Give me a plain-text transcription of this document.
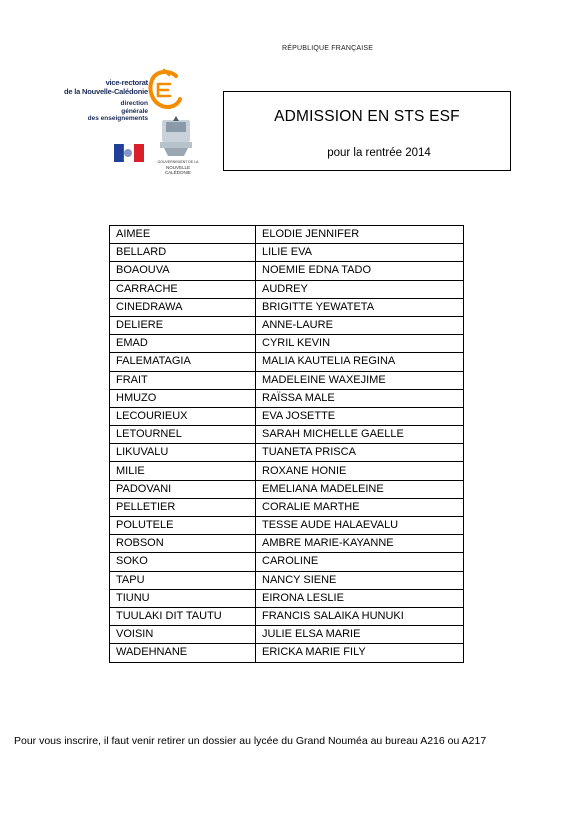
RÉPUBLIQUE FRANÇAISE
vice-rectorat
de la Nouvelle-Calédonie
direction
générale
des enseignements
GOUVERNEMENT DE LA
NOUVELLE
CALÉDONIE
ADMISSION EN STS ESF
pour la rentrée 2014
AIMEE	ELODIE JENNIFER
BELLARD	LILIE EVA
BOAOUVA	NOEMIE EDNA TADO
CARRACHE	AUDREY
CINEDRAWA	BRIGITTE YEWATETA
DELIERE	ANNE-LAURE
EMAD	CYRIL KEVIN
FALEMATAGIA	MALIA KAUTELIA REGINA
FRAIT	MADELEINE WAXEJIME
HMUZO	RAÏSSA MALE
LECOURIEUX	EVA JOSETTE
LETOURNEL	SARAH MICHELLE GAELLE
LIKUVALU	TUANETA PRISCA
MILIE	ROXANE HONIE
PADOVANI	EMELIANA MADELEINE
PELLETIER	CORALIE MARTHE
POLUTELE	TESSE AUDE HALAEVALU
ROBSON	AMBRE MARIE-KAYANNE
SOKO	CAROLINE
TAPU	NANCY SIENE
TIUNU	EIRONA LESLIE
TUULAKI DIT TAUTU	FRANCIS SALAIKA HUNUKI
VOISIN	JULIE ELSA MARIE
WADEHNANE	ERICKA MARIE FILY
Pour vous inscrire, il faut venir retirer un dossier au lycée du Grand Nouméa au bureau A216 ou A217
